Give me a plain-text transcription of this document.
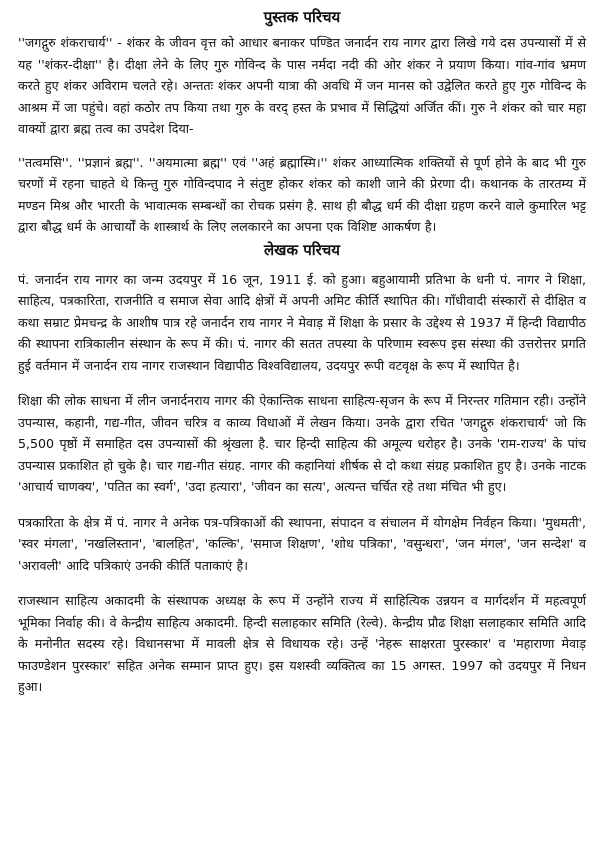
पुस्तक परिचय

''जगद्गुरु शंकराचार्य'' - शंकर के जीवन वृत्त को आधार बनाकर पण्डित जनार्दन राय नागर द्वारा लिखे गये दस उपन्यासों में से यह ''शंकर-दीक्षा'' है। दीक्षा लेने के लिए गुरु गोविन्द के पास नर्मदा नदी की ओर शंकर ने प्रयाण किया। गांव-गांव भ्रमण करते हुए शंकर अविराम चलते रहे। अन्ततः शंकर अपनी यात्रा की अवधि में जन मानस को उद्वेलित करते हुए गुरु गोविन्द के आश्रम में जा पहुंचे। वहां कठोर तप किया तथा गुरु के वरद् हस्त के प्रभाव में सिद्धियां अर्जित कीं। गुरु ने शंकर को चार महा वाक्यों द्वारा ब्रह्म तत्व का उपदेश दिया-

''तत्वमसि''. ''प्रज्ञानं ब्रह्म''. ''अयमात्मा ब्रह्म'' एवं ''अहं ब्रह्मास्मि।'' शंकर आध्यात्मिक शक्तियों से पूर्ण होने के बाद भी गुरु चरणों में रहना चाहते थे किन्तु गुरु गोविन्दपाद ने संतुष्ट होकर शंकर को काशी जाने की प्रेरणा दी। कथानक के तारतम्य में मण्डन मिश्र और भारती के भावात्मक सम्बन्धों का रोचक प्रसंग है. साथ ही बौद्ध धर्म की दीक्षा ग्रहण करने वाले कुमारिल भट्ट द्वारा बौद्ध धर्म के आचार्यों के शास्त्रार्थ के लिए ललकारने का अपना एक विशिष्ट आकर्षण है।

लेखक परिचय

पं. जनार्दन राय नागर का जन्म उदयपुर में 16 जून, 1911 ई. को हुआ। बहुआयामी प्रतिभा के धनी पं. नागर ने शिक्षा, साहित्य, पत्रकारिता, राजनीति व समाज सेवा आदि क्षेत्रों में अपनी अमिट कीर्ति स्थापित की। गाँधीवादी संस्कारों से दीक्षित व कथा सम्राट प्रेमचन्द्र के आशीष पात्र रहे जनार्दन राय नागर ने मेवाड़ में शिक्षा के प्रसार के उद्देश्य से 1937 में हिन्दी विद्यापीठ की स्थापना रात्रिकालीन संस्थान के रूप में की। पं. नागर की सतत तपस्या के परिणाम स्वरूप इस संस्था की उत्तरोत्तर प्रगति हुई वर्तमान में जनार्दन राय नागर राजस्थान विद्यापीठ विश्वविद्यालय, उदयपुर रूपी वटवृक्ष के रूप में स्थापित है।

शिक्षा की लोक साधना में लीन जनार्दनराय नागर की ऐकान्तिक साधना साहित्य-सृजन के रूप में निरन्तर गतिमान रही। उन्होंने उपन्यास, कहानी, गद्य-गीत, जीवन चरित्र व काव्य विधाओं में लेखन किया। उनके द्वारा रचित 'जगद्गुरु शंकराचार्य' जो कि 5,500 पृष्ठों में समाहित दस उपन्यासों की श्रृंखला है. चार हिन्दी साहित्य की अमूल्य धरोहर है। उनके 'राम-राज्य' के पांच उपन्यास प्रकाशित हो चुके है। चार गद्य-गीत संग्रह. नागर की कहानियां शीर्षक से दो कथा संग्रह प्रकाशित हुए है। उनके नाटक 'आचार्य चाणक्य', 'पतित का स्वर्ग', 'उदा हत्यारा', 'जीवन का सत्य', अत्यन्त चर्चित रहे तथा मंचित भी हुए।

पत्रकारिता के क्षेत्र में पं. नागर ने अनेक पत्र-पत्रिकाओं की स्थापना, संपादन व संचालन में योगक्षेम निर्वहन किया। 'मुधमती', 'स्वर मंगला', 'नखलिस्तान', 'बालहित', 'कल्कि', 'समाज शिक्षण', 'शोध पत्रिका', 'वसुन्धरा', 'जन मंगल', 'जन सन्देश' व 'अरावली' आदि पत्रिकाएं उनकी कीर्ति पताकाएं है।

राजस्थान साहित्य अकादमी के संस्थापक अध्यक्ष के रूप में उन्होंने राज्य में साहित्यिक उन्नयन व मार्गदर्शन में महत्वपूर्ण भूमिका निर्वाह की। वे केन्द्रीय साहित्य अकादमी. हिन्दी सलाहकार समिति (रेल्वे). केन्द्रीय प्रौढ शिक्षा सलाहकार समिति आदि के मनोनीत सदस्य रहे। विधानसभा में मावली क्षेत्र से विधायक रहे। उन्हें 'नेहरू साक्षरता पुरस्कार' व 'महाराणा मेवाड़ फाउण्डेशन पुरस्कार' सहित अनेक सम्मान प्राप्त हुए। इस यशस्वी व्यक्तित्व का 15 अगस्त. 1997 को उदयपुर में निधन हुआ।
